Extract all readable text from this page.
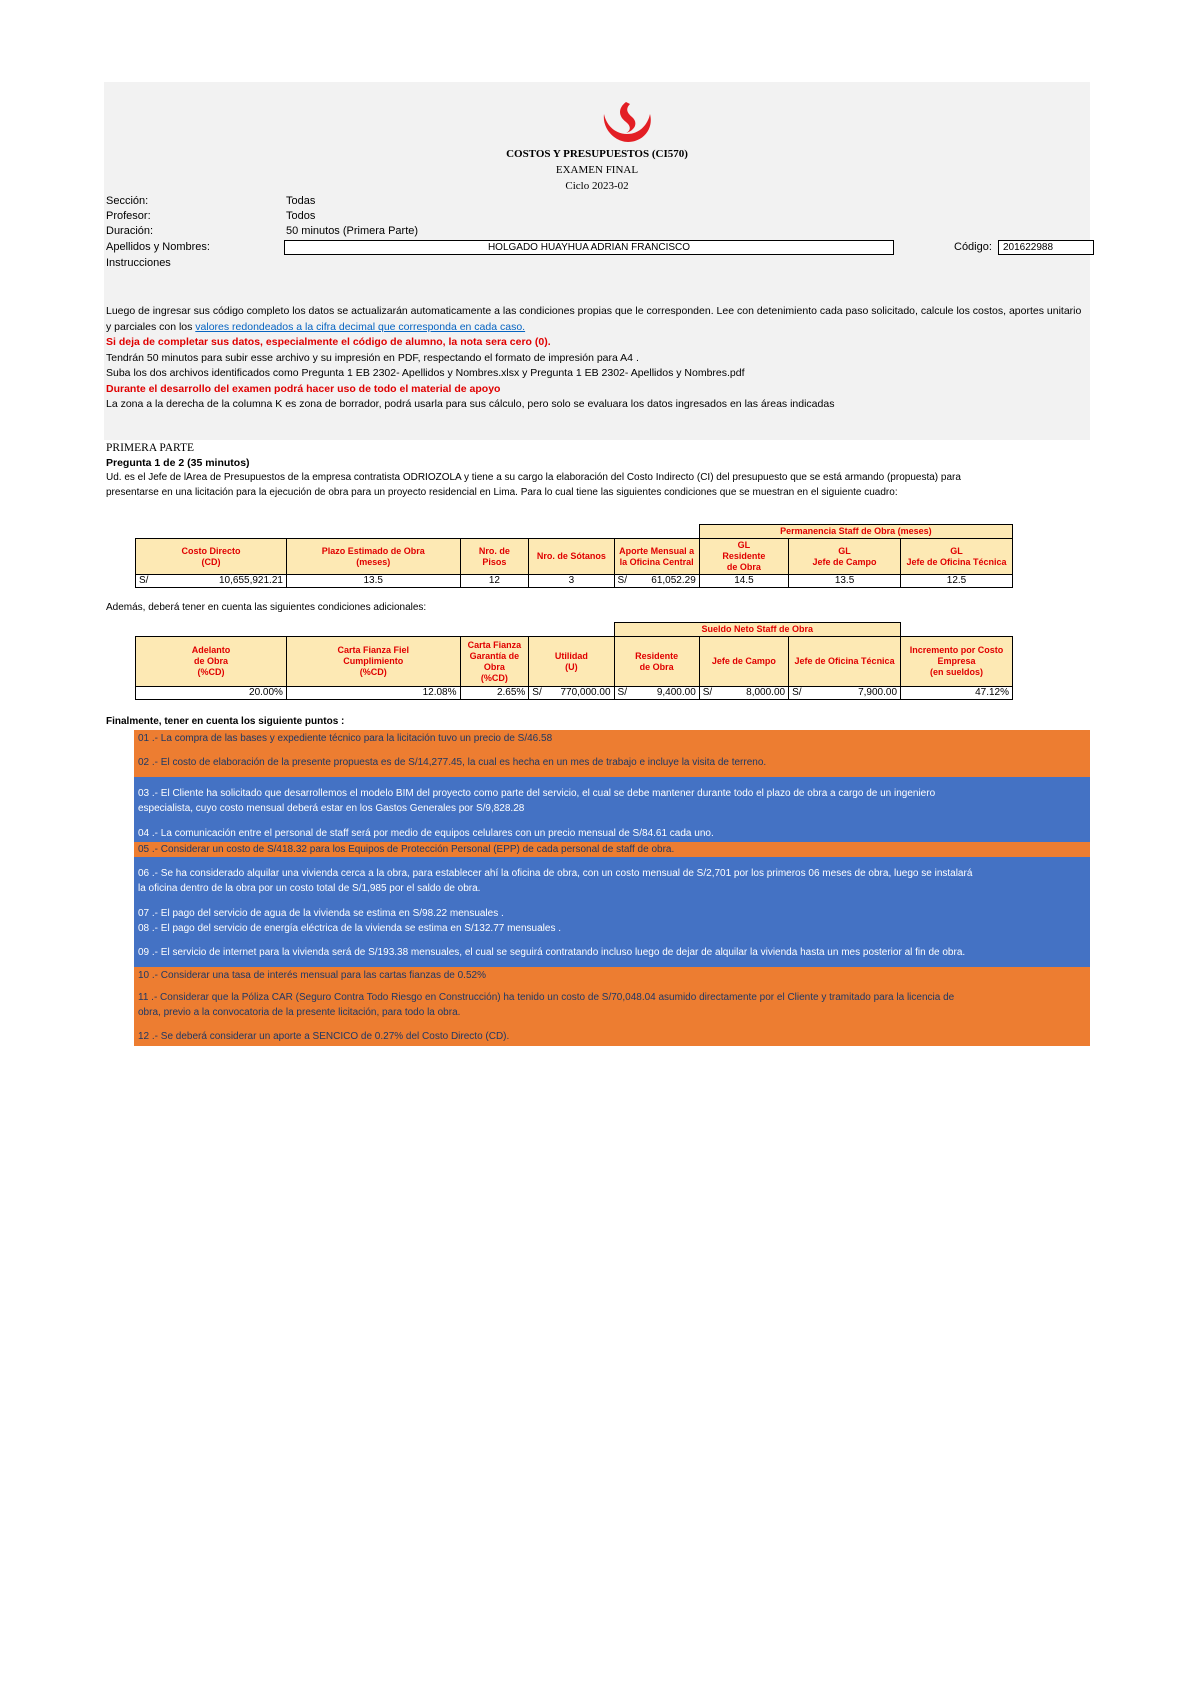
COSTOS Y PRESUPUESTOS (CI570)
EXAMEN FINAL
Ciclo 2023-02
Sección:	Todas
Profesor:	Todos
Duración:	50 minutos (Primera Parte)
Apellidos y Nombres:	HOLGADO HUAYHUA ADRIAN FRANCISCO	Código:	201622988
Instrucciones

Luego de ingresar sus código completo los datos se actualizarán automaticamente a las condiciones propias que le corresponden. Lee con detenimiento cada paso solicitado, calcule los costos, aportes unitario y parciales con los valores redondeados a la cifra decimal que corresponda en cada caso.

Si deja de completar sus datos, especialmente el código de alumno, la nota sera cero (0).

Tendrán 50 minutos para subir esse archivo y su impresión en PDF, respectando el formato de impresión para A4 .

Suba los dos archivos identificados como Pregunta 1 EB 2302- Apellidos y Nombres.xlsx y Pregunta 1 EB 2302- Apellidos y Nombres.pdf

Durante el desarrollo del examen podrá hacer uso de todo el material de apoyo

La zona a la derecha de la columna K es zona de borrador, podrá usarla para sus cálculo, pero solo se evaluara los datos ingresados en las áreas indicadas

PRIMERA PARTE
Pregunta 1 de 2 (35 minutos)
Ud. es el Jefe de lArea de Presupuestos de la empresa contratista ODRIOZOLA y tiene a su cargo la elaboración del Costo Indirecto (CI) del presupuesto que se está armando (propuesta) para
presentarse en una licitación para la ejecución de obra para un proyecto residencial en Lima. Para lo cual tiene las siguientes condiciones que se muestran en el siguiente cuadro:
					Permanencia Staff de Obra (meses)		
Costo Directo
(CD)	Plazo Estimado de Obra
(meses)	Nro. de
Pisos	Nro. de Sótanos	Aporte Mensual a
la Oficina Central	GL
Residente
de Obra	GL
Jefe de Campo	GL
Jefe de Oficina Técnica

S/ 10,655,921.21	13.5	12	3	S/ 61,052.29	14.5	13.5	12.5
Además, deberá tener en cuenta las siguientes condiciones adicionales:
				Sueldo Neto Staff de Obra			
Adelanto
de Obra
(%CD)	Carta Fianza Fiel
Cumplimiento
(%CD)	Carta Fianza
Garantía de
Obra
(%CD)	Utilidad
(U)	Residente
de Obra	Jefe de Campo	Jefe de Oficina Técnica	Incremento por Costo
Empresa
(en sueldos)
20.00%	12.08%	2.65%	S/ 770,000.00	S/ 9,400.00	S/ 8,000.00	S/ 7,900.00	47.12%
Finalmente, tener en cuenta los siguiente puntos :

01 .- La compra de las bases y expediente técnico para la licitación tuvo un precio de S/46.58

02 .- El costo de elaboración de la presente propuesta es de S/14,277.45, la cual es hecha en un mes de trabajo e incluye la visita de terreno.

03 .- El Cliente ha solicitado que desarrollemos el modelo BIM del proyecto como parte del servicio, el cual se debe mantener durante todo el plazo de obra a cargo de un ingeniero

especialista, cuyo costo mensual deberá estar en los Gastos Generales por S/9,828.28

04 .- La comunicación entre el personal de staff será por medio de equipos celulares con un precio mensual de S/84.61 cada uno.

05 .- Considerar un costo de S/418.32 para los Equipos de Protección Personal (EPP) de cada personal de staff de obra.

06 .- Se ha considerado alquilar una vivienda cerca a la obra, para establecer ahí la oficina de obra, con un costo mensual de S/2,701 por los primeros 06 meses de obra, luego se instalará

la oficina dentro de la obra por un costo total de S/1,985 por el saldo de obra.

07 .- El pago del servicio de agua de la vivienda se estima en S/98.22 mensuales .

08 .- El pago del servicio de energía eléctrica de la vivienda se estima en S/132.77 mensuales .

09 .- El servicio de internet para la vivienda será de S/193.38 mensuales, el cual se seguirá contratando incluso luego de dejar de alquilar la vivienda hasta un mes posterior al fin de obra.

10 .- Considerar una tasa de interés mensual para las cartas fianzas de 0.52%

11 .- Considerar que la Póliza CAR (Seguro Contra Todo Riesgo en Construcción) ha tenido un costo de S/70,048.04 asumido directamente por el Cliente y tramitado para la licencia de

obra, previo a la convocatoria de la presente licitación, para todo la obra.

12 .- Se deberá considerar un aporte a SENCICO de 0.27% del Costo Directo (CD).
